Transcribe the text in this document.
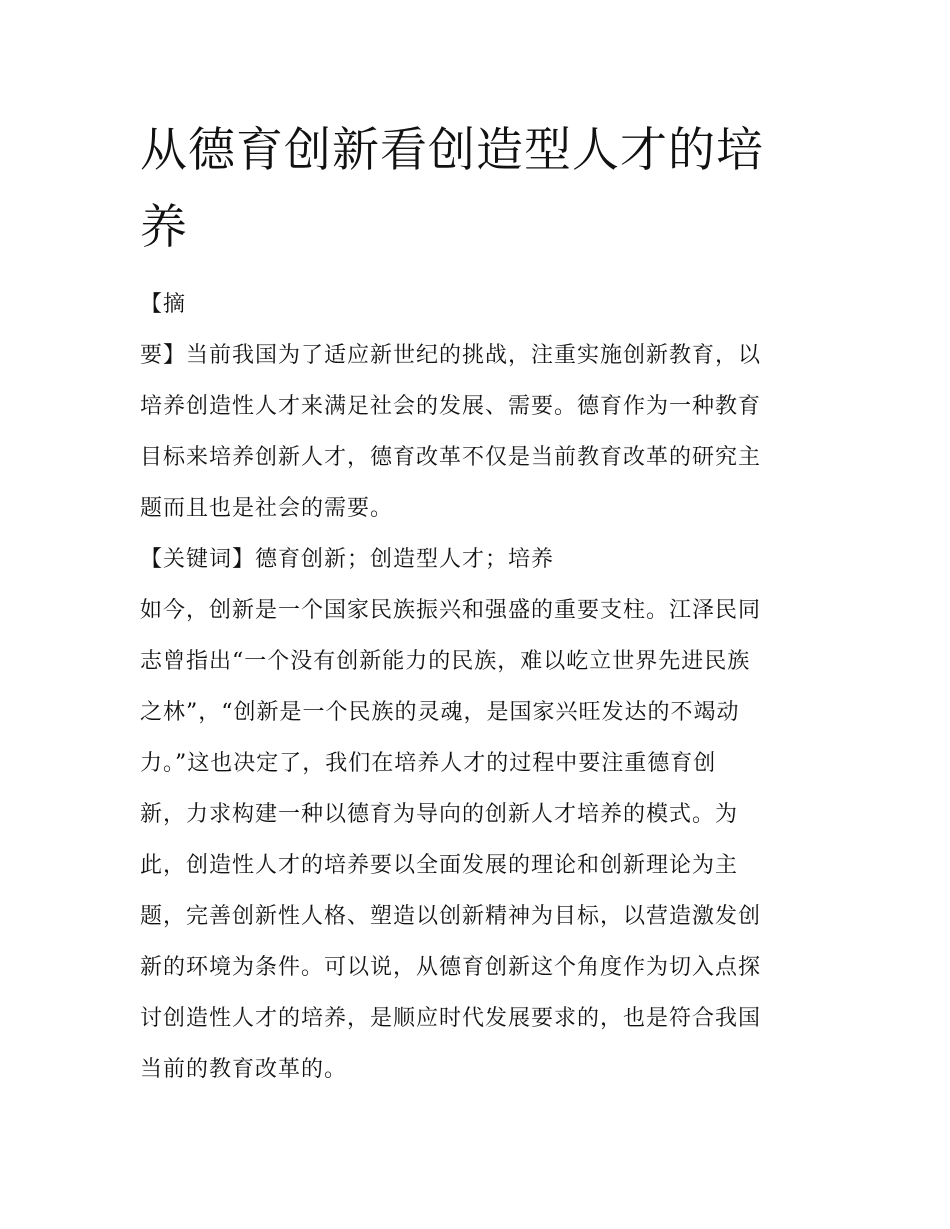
从德育创新看创造型人才的培
养
【摘
要】当前我国为了适应新世纪的挑战，注重实施创新教育，以
培养创造性人才来满足社会的发展、需要。德育作为一种教育
目标来培养创新人才，德育改革不仅是当前教育改革的研究主
题而且也是社会的需要。
【关键词】德育创新；创造型人才；培养
如今，创新是一个国家民族振兴和强盛的重要支柱。江泽民同
志曾指出“一个没有创新能力的民族，难以屹立世界先进民族
之林”，“创新是一个民族的灵魂，是国家兴旺发达的不竭动
力。”这也决定了，我们在培养人才的过程中要注重德育创
新，力求构建一种以德育为导向的创新人才培养的模式。为
此，创造性人才的培养要以全面发展的理论和创新理论为主
题，完善创新性人格、塑造以创新精神为目标，以营造激发创
新的环境为条件。可以说，从德育创新这个角度作为切入点探
讨创造性人才的培养，是顺应时代发展要求的，也是符合我国
当前的教育改革的。
